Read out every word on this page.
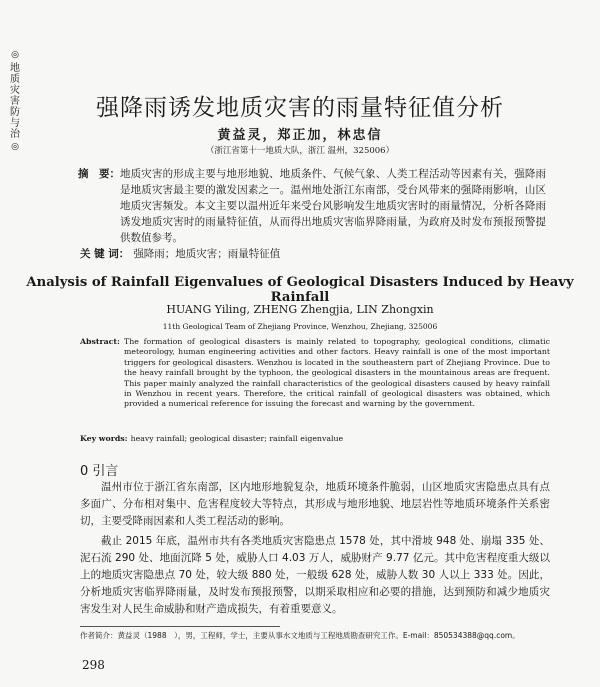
◎
地
质
灾
害
防
与
治
◎
强降雨诱发地质灾害的雨量特征值分析
黄益灵，郑正加，林忠信
（浙江省第十一地质大队，浙江 温州，325006）
摘　要： 地质灾害的形成主要与地形地貌、地质条件、气候气象、人类工程活动等因素有关，强降雨是地质灾害最主要的激发因素之一。温州地处浙江东南部，受台风带来的强降雨影响，山区地质灾害频发。本文主要以温州近年来受台风影响发生地质灾害时的雨量情况，分析各降雨诱发地质灾害时的雨量特征值，从而得出地质灾害临界降雨量，为政府及时发布预报预警提供数值参考。
关 键 词： 强降雨；地质灾害；雨量特征值
Analysis of Rainfall Eigenvalues of Geological Disasters Induced by Heavy Rainfall
HUANG Yiling, ZHENG Zhengjia, LIN Zhongxin
11th Geological Team of Zhejiang Province, Wenzhou, Zhejiang, 325006
Abstract: The formation of geological disasters is mainly related to topography, geological conditions, climatic meteorology, human engineering activities and other factors. Heavy rainfall is one of the most important triggers for geological disasters. Wenzhou is located in the southeastern part of Zhejiang Province. Due to the heavy rainfall brought by the typhoon, the geological disasters in the mountainous areas are frequent. This paper mainly analyzed the rainfall characteristics of the geological disasters caused by heavy rainfall in Wenzhou in recent years. Therefore, the critical rainfall of geological disasters was obtained, which provided a numerical reference for issuing the forecast and warning by the government.
Key words: heavy rainfall; geological disaster; rainfall eigenvalue
0 引言

温州市位于浙江省东南部，区内地形地貌复杂，地质环境条件脆弱，山区地质灾害隐患点具有点多面广、分布相对集中、危害程度较大等特点，其形成与地形地貌、地层岩性等地质环境条件关系密切，主要受降雨因素和人类工程活动的影响。

截止 2015 年底，温州市共有各类地质灾害隐患点 1578 处，其中滑坡 948 处、崩塌 335 处、泥石流 290 处、地面沉降 5 处，威胁人口 4.03 万人，威胁财产 9.77 亿元。其中危害程度重大级以上的地质灾害隐患点 70 处，较大级 880 处，一般级 628 处，威胁人数 30 人以上 333 处。因此，分析地质灾害临界降雨量，及时发布预报预警，以期采取相应和必要的措施，达到预防和减少地质灾害发生对人民生命威胁和财产造成损失，有着重要意义。

作者简介：黄益灵（1988　），男，工程师，学士，主要从事水文地质与工程地质勘查研究工作。E-mail：850534388@qq.com。
298
